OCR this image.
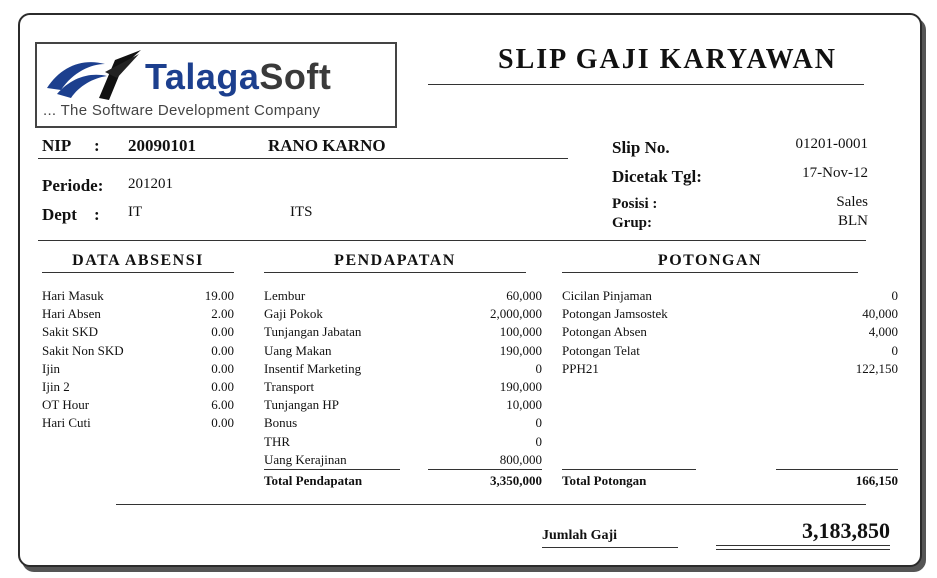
TalagaSoft
... The Software Development Company
SLIP GAJI KARYAWAN
NIP : 20090101	RANO KARNO
Periode: 201201
Dept : IT	ITS
Slip No.	01201-0001
Dicetak Tgl:	17-Nov-12
Posisi :	Sales
Grup:	BLN
DATA ABSENSI	PENDAPATAN	POTONGAN
Hari Masuk	19.00
Hari Absen	2.00
Sakit SKD	0.00
Sakit Non SKD	0.00
Ijin	0.00
Ijin 2	0.00
OT Hour	6.00
Hari Cuti	0.00
Lembur	60,000
Gaji Pokok	2,000,000
Tunjangan Jabatan	100,000
Uang Makan	190,000
Insentif Marketing	0
Transport	190,000
Tunjangan HP	10,000
Bonus	0
THR	0
Uang Kerajinan	800,000
Cicilan Pinjaman	0
Potongan Jamsostek	40,000
Potongan Absen	4,000
Potongan Telat	0
PPH21	122,150
Total Pendapatan	3,350,000 Total Potongan	166,150
Jumlah Gaji	3,183,850
